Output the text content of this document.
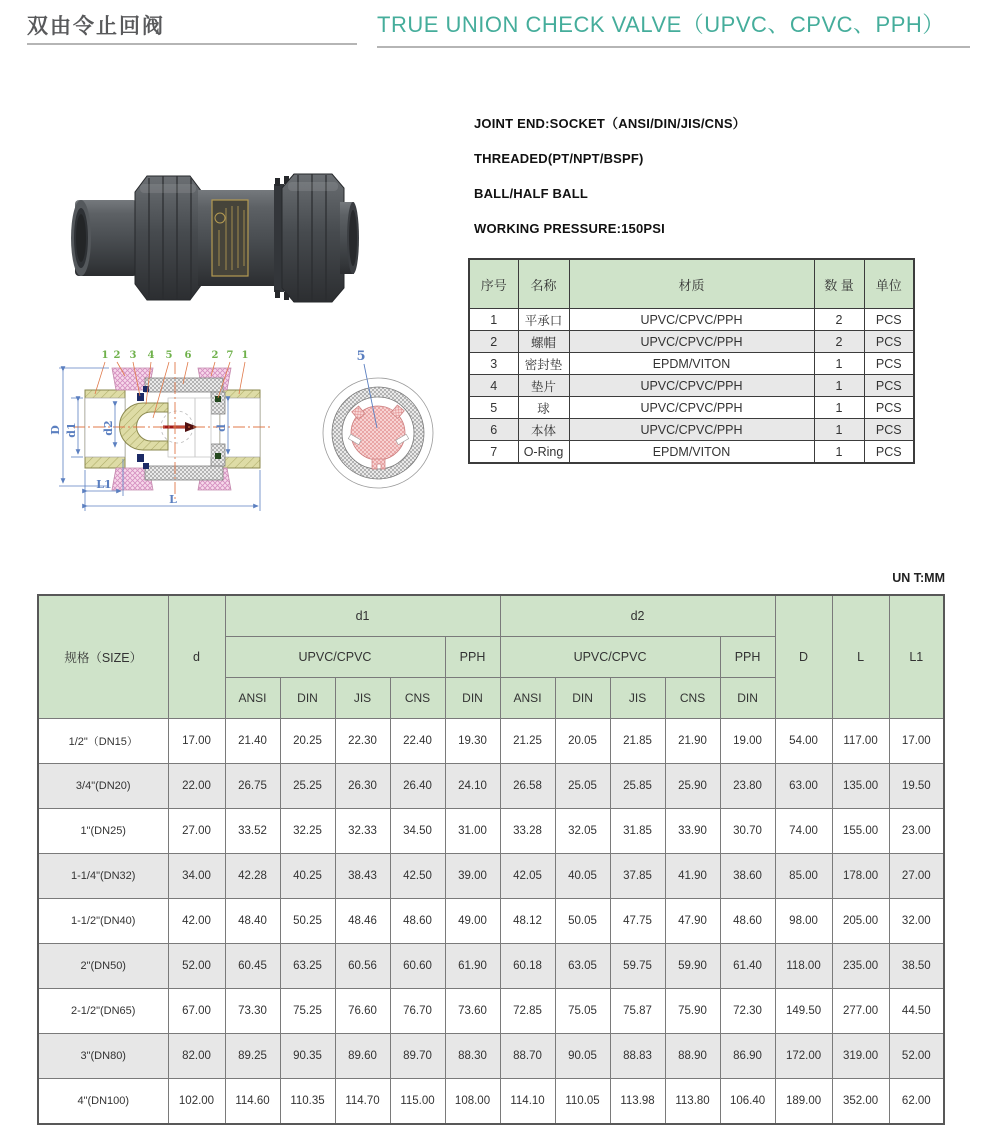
双由令止回阀	TRUE UNION CHECK VALVE（UPVC、CPVC、PPH）
JOINT END:SOCKET（ANSI/DIN/JIS/CNS）
THREADED(PT/NPT/BSPF)
BALL/HALF BALL
WORKING PRESSURE:150PSI
序号	名称	材质	数 量	单位
1	平承口	UPVC/CPVC/PPH	2	PCS
2	螺帽	UPVC/CPVC/PPH	2	PCS
3	密封垫	EPDM/VITON	1	PCS
4	垫片	UPVC/CPVC/PPH	1	PCS
5	球	UPVC/CPVC/PPH	1	PCS
6	本体	UPVC/CPVC/PPH	1	PCS
7	O-Ring	EPDM/VITON	1	PCS
1 2 3 4 5 6 2 7 1
D d1 d2	d
L1
L
5
UN T:MM
规格（SIZE）	d	d1					d2					D	L	L1
		UPVC/CPVC				PPH	UPVC/CPVC				PPH			
		ANSI	DIN	JIS	CNS	DIN	ANSI	DIN	JIS	CNS	DIN			
1/2"（DN15）	17.00	21.40	20.25	22.30	22.40	19.30	21.25	20.05	21.85	21.90	19.00	54.00	117.00	17.00
3/4"(DN20)	22.00	26.75	25.25	26.30	26.40	24.10	26.58	25.05	25.85	25.90	23.80	63.00	135.00	19.50
1"(DN25)	27.00	33.52	32.25	32.33	34.50	31.00	33.28	32.05	31.85	33.90	30.70	74.00	155.00	23.00
1-1/4"(DN32)	34.00	42.28	40.25	38.43	42.50	39.00	42.05	40.05	37.85	41.90	38.60	85.00	178.00	27.00
1-1/2"(DN40)	42.00	48.40	50.25	48.46	48.60	49.00	48.12	50.05	47.75	47.90	48.60	98.00	205.00	32.00
2"(DN50)	52.00	60.45	63.25	60.56	60.60	61.90	60.18	63.05	59.75	59.90	61.40	118.00	235.00	38.50
2-1/2"(DN65)	67.00	73.30	75.25	76.60	76.70	73.60	72.85	75.05	75.87	75.90	72.30	149.50	277.00	44.50
3"(DN80)	82.00	89.25	90.35	89.60	89.70	88.30	88.70	90.05	88.83	88.90	86.90	172.00	319.00	52.00
4"(DN100)	102.00	114.60	110.35	114.70	115.00	108.00	114.10	110.05	113.98	113.80	106.40	189.00	352.00	62.00
